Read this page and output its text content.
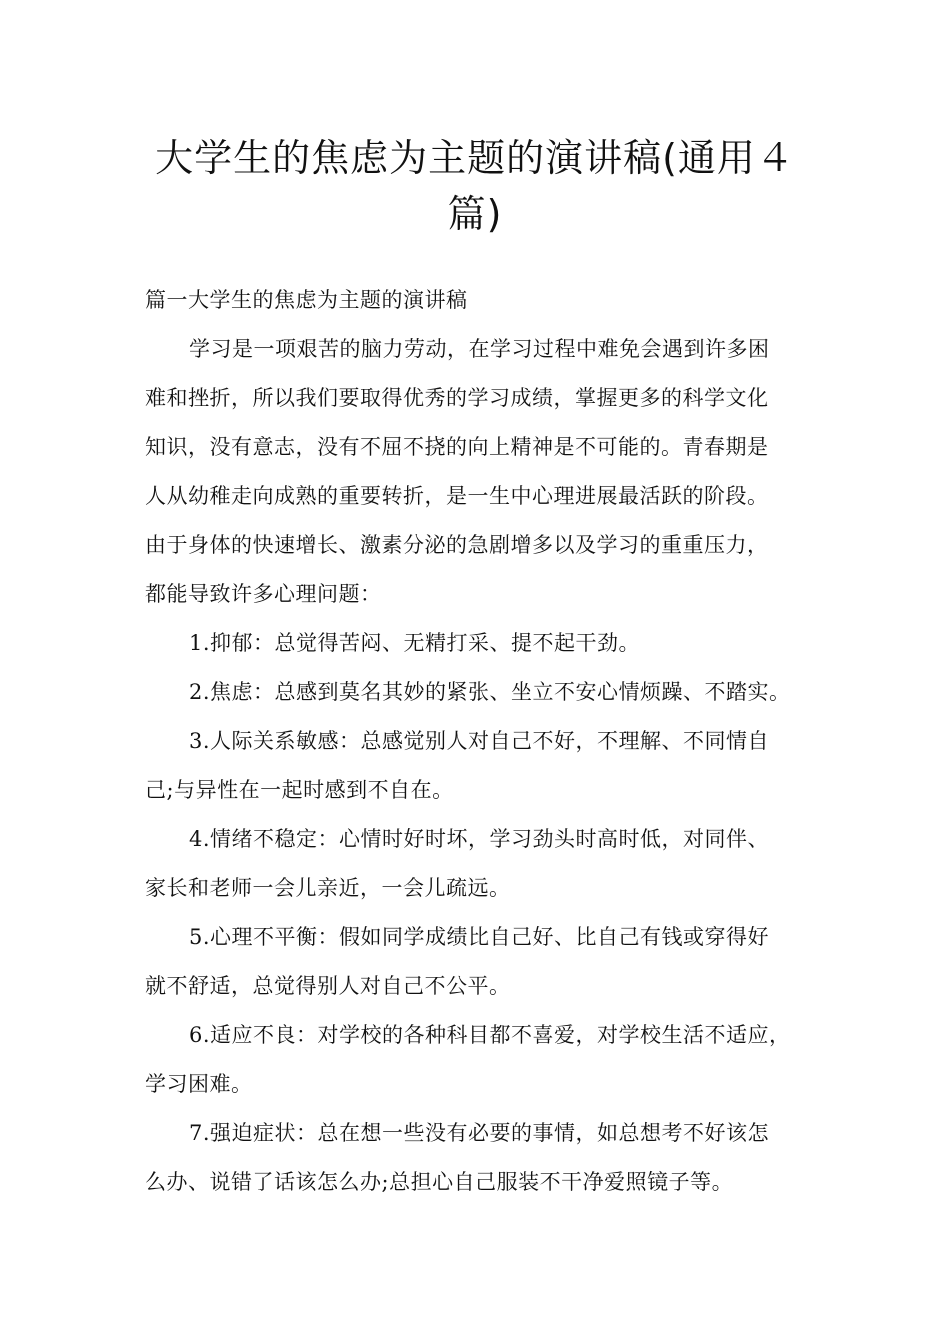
大学生的焦虑为主题的演讲稿(通用４
篇)

篇一大学生的焦虑为主题的演讲稿

学习是一项艰苦的脑力劳动，在学习过程中难免会遇到许多困
难和挫折，所以我们要取得优秀的学习成绩，掌握更多的科学文化
知识，没有意志，没有不屈不挠的向上精神是不可能的。青春期是
人从幼稚走向成熟的重要转折，是一生中心理进展最活跃的阶段。
由于身体的快速增长、激素分泌的急剧增多以及学习的重重压力，
都能导致许多心理问题：

1.抑郁：总觉得苦闷、无精打采、提不起干劲。

2.焦虑：总感到莫名其妙的紧张、坐立不安心情烦躁、不踏实。

3.人际关系敏感：总感觉别人对自己不好，不理解、不同情自
己;与异性在一起时感到不自在。

4.情绪不稳定：心情时好时坏，学习劲头时高时低，对同伴、
家长和老师一会儿亲近，一会儿疏远。

5.心理不平衡：假如同学成绩比自己好、比自己有钱或穿得好
就不舒适，总觉得别人对自己不公平。

6.适应不良：对学校的各种科目都不喜爱，对学校生活不适应，
学习困难。

7.强迫症状：总在想一些没有必要的事情，如总想考不好该怎
么办、说错了话该怎么办;总担心自己服装不干净爱照镜子等。
